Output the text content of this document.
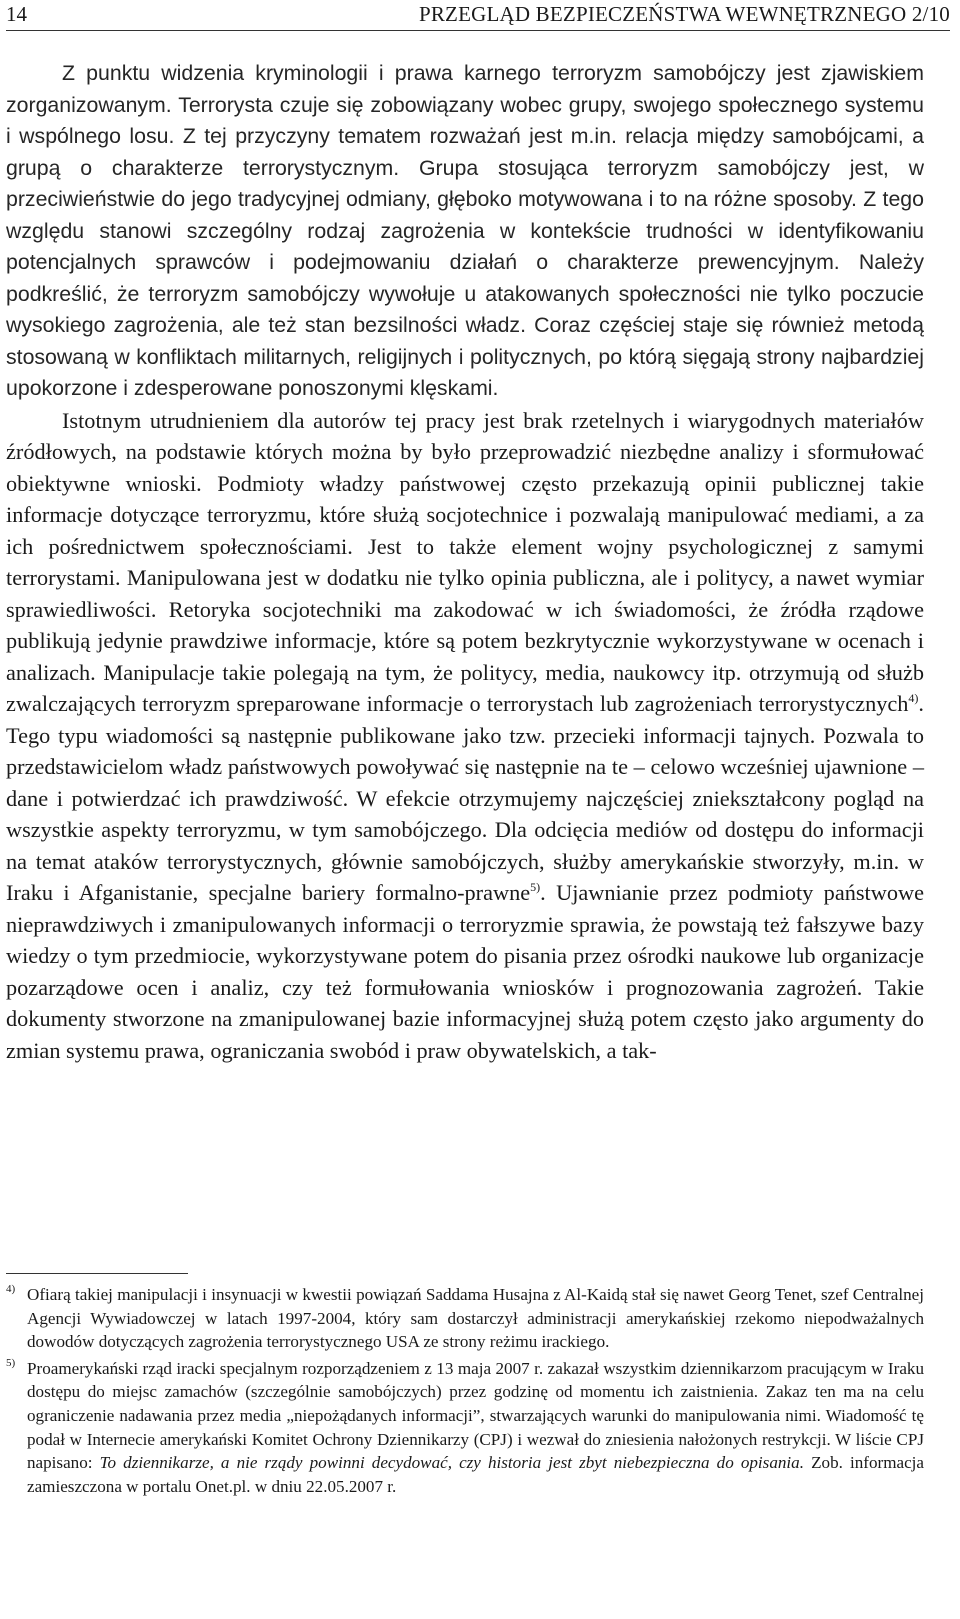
14	PRZEGLĄD BEZPIECZEŃSTWA WEWNĘTRZNEGO 2/10

Z punktu widzenia kryminologii i prawa karnego terroryzm samobójczy jest zjawiskiem zorganizowanym. Terrorysta czuje się zobowiązany wobec grupy, swojego społecznego systemu i wspólnego losu. Z tej przyczyny tematem rozważań jest m.in. relacja między samobójcami, a grupą o charakterze terrorystycznym. Grupa stosująca terroryzm samobójczy jest, w przeciwieństwie do jego tradycyjnej odmiany, głęboko motywowana i to na różne sposoby. Z tego względu stanowi szczególny rodzaj zagrożenia w kontekście trudności w identyfikowaniu potencjalnych sprawców i podejmowaniu działań o charakterze prewencyjnym. Należy podkreślić, że terroryzm samobójczy wywołuje u atakowanych społeczności nie tylko poczucie wysokiego zagrożenia, ale też stan bezsilności władz. Coraz częściej staje się również metodą stosowaną w konfliktach militarnych, religijnych i politycznych, po którą sięgają strony najbardziej upokorzone i zdesperowane ponoszonymi klęskami.

Istotnym utrudnieniem dla autorów tej pracy jest brak rzetelnych i wiarygodnych materiałów źródłowych, na podstawie których można by było przeprowadzić niezbędne analizy i sformułować obiektywne wnioski. Podmioty władzy państwowej często przekazują opinii publicznej takie informacje dotyczące terroryzmu, które służą socjotechnice i pozwalają manipulować mediami, a za ich pośrednictwem społecznościami. Jest to także element wojny psychologicznej z samymi terrorystami. Manipulowana jest w dodatku nie tylko opinia publiczna, ale i politycy, a nawet wymiar sprawiedliwości. Retoryka socjotechniki ma zakodować w ich świadomości, że źródła rządowe publikują jedynie prawdziwe informacje, które są potem bezkrytycznie wykorzystywane w ocenach i analizach. Manipulacje takie polegają na tym, że politycy, media, naukowcy itp. otrzymują od służb zwalczających terroryzm spreparowane informacje o terrorystach lub zagrożeniach terrorystycznych$^{4)}$. Tego typu wiadomości są następnie publikowane jako tzw. przecieki informacji tajnych. Pozwala to przedstawicielom władz państwowych powoływać się następnie na te – celowo wcześniej ujawnione – dane i potwierdzać ich prawdziwość. W efekcie otrzymujemy najczęściej zniekształcony pogląd na wszystkie aspekty terroryzmu, w tym samobójczego. Dla odcięcia mediów od dostępu do informacji na temat ataków terrorystycznych, głównie samobójczych, służby amerykańskie stworzyły, m.in. w Iraku i Afganistanie, specjalne bariery formalno-prawne$^{5)}$. Ujawnianie przez podmioty państwowe nieprawdziwych i zmanipulowanych informacji o terroryzmie sprawia, że powstają też fałszywe bazy wiedzy o tym przedmiocie, wykorzystywane potem do pisania przez ośrodki naukowe lub organizacje pozarządowe ocen i analiz, czy też formułowania wniosków i prognozowania zagrożeń. Takie dokumenty stworzone na zmanipulowanej bazie informacyjnej służą potem często jako argumenty do zmian systemu prawa, ograniczania swobód i praw obywatelskich, a tak-

4) Ofiarą takiej manipulacji i insynuacji w kwestii powiązań Saddama Husajna z Al-Kaidą stał się nawet Georg Tenet, szef Centralnej Agencji Wywiadowczej w latach 1997-2004, który sam dostarczył administracji amerykańskiej rzekomo niepodważalnych dowodów dotyczących zagrożenia terrorystycznego USA ze strony reżimu irackiego.
5) Proamerykański rząd iracki specjalnym rozporządzeniem z 13 maja 2007 r. zakazał wszystkim dziennikarzom pracującym w Iraku dostępu do miejsc zamachów (szczególnie samobójczych) przez godzinę od momentu ich zaistnienia. Zakaz ten ma na celu ograniczenie nadawania przez media „niepożądanych informacji”, stwarzających warunki do manipulowania nimi. Wiadomość tę podał w Internecie amerykański Komitet Ochrony Dziennikarzy (CPJ) i wezwał do zniesienia nałożonych restrykcji. W liście CPJ napisano: To dziennikarze, a nie rządy powinni decydować, czy historia jest zbyt niebezpieczna do opisania. Zob. informacja zamieszczona w portalu Onet.pl. w dniu 22.05.2007 r.
